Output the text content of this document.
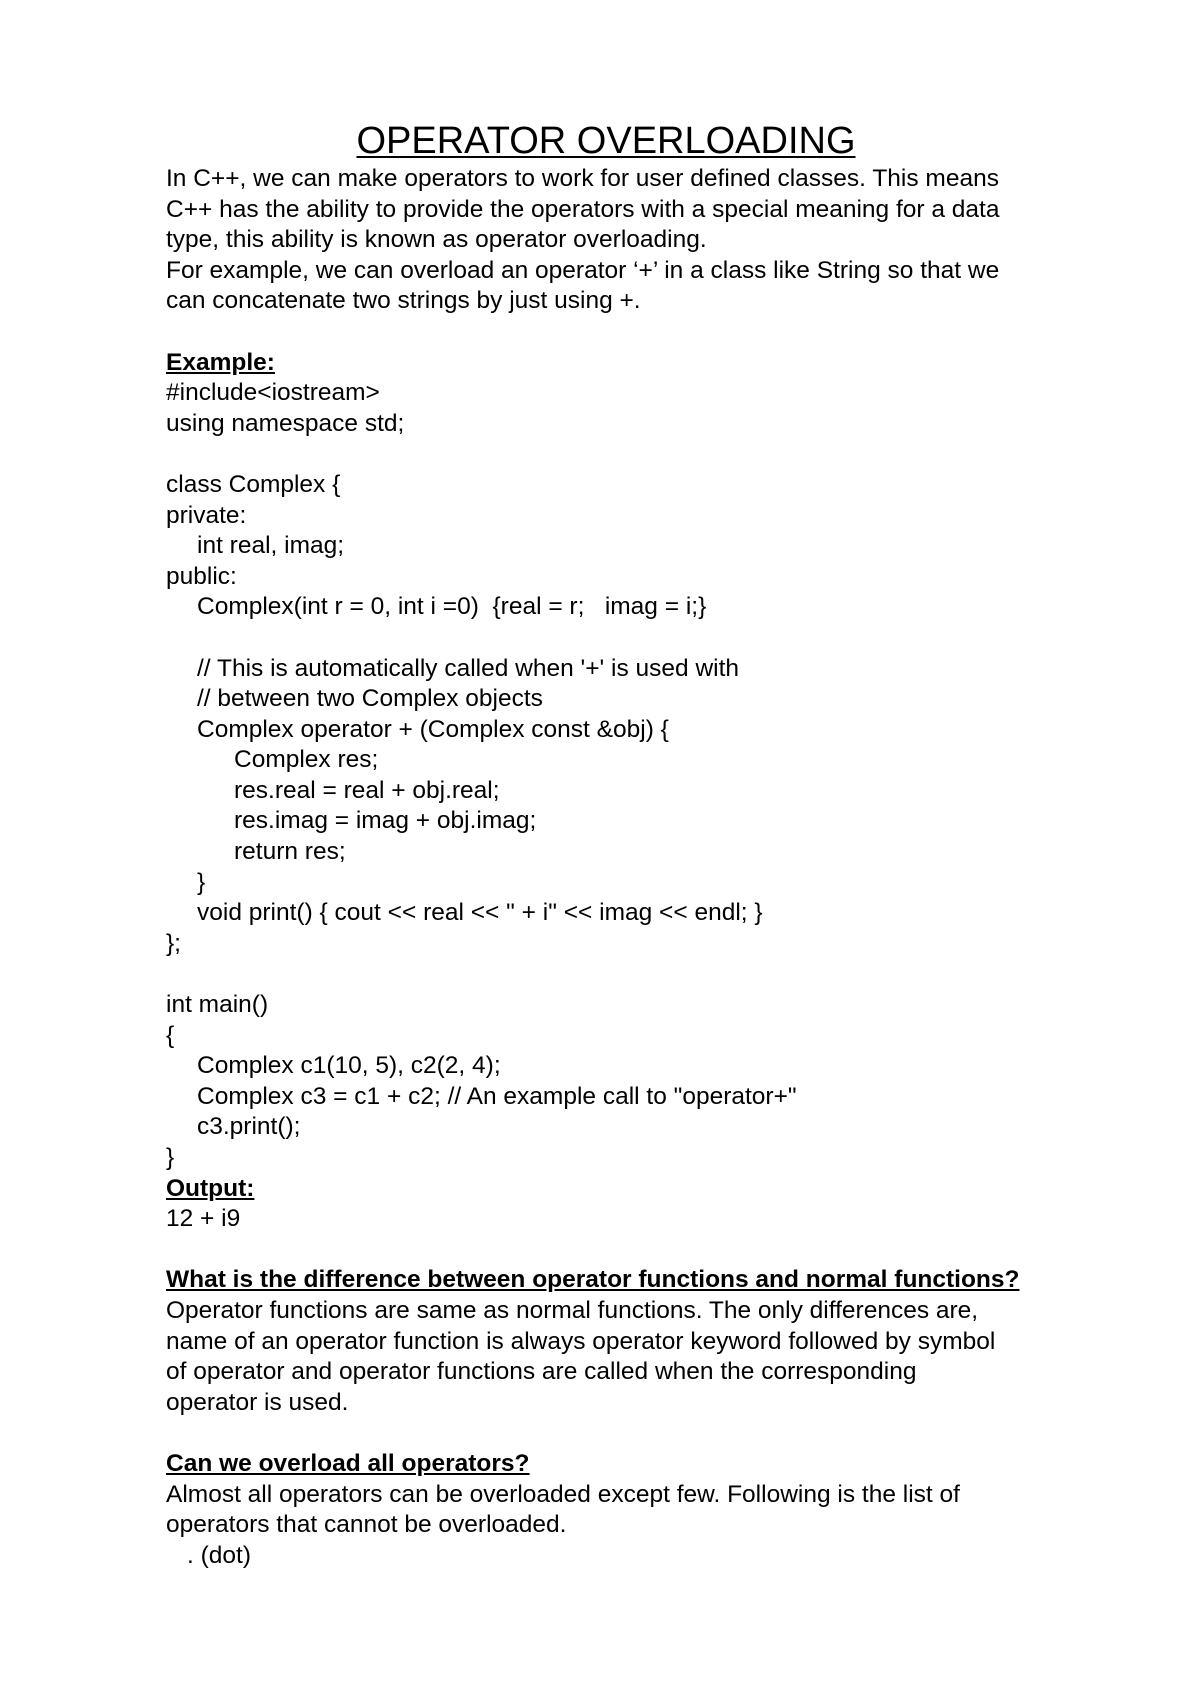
OPERATOR OVERLOADING
In C++, we can make operators to work for user defined classes. This means
C++ has the ability to provide the operators with a special meaning for a data
type, this ability is known as operator overloading.
For example, we can overload an operator ‘+’ in a class like String so that we
can concatenate two strings by just using +.
Example:
#include<iostream>
using namespace std;
class Complex {
private:
int real, imag;
public:
Complex(int r = 0, int i =0)  {real = r;   imag = i;}
// This is automatically called when '+' is used with
// between two Complex objects
Complex operator + (Complex const &obj) {
Complex res;
res.real = real + obj.real;
res.imag = imag + obj.imag;
return res;
}
void print() { cout << real << " + i" << imag << endl; }
};
int main()
{
Complex c1(10, 5), c2(2, 4);
Complex c3 = c1 + c2; // An example call to "operator+"
c3.print();
}
Output:
12 + i9
What is the difference between operator functions and normal functions?
Operator functions are same as normal functions. The only differences are,
name of an operator function is always operator keyword followed by symbol
of operator and operator functions are called when the corresponding
operator is used.
Can we overload all operators?
Almost all operators can be overloaded except few. Following is the list of
operators that cannot be overloaded.
. (dot)
